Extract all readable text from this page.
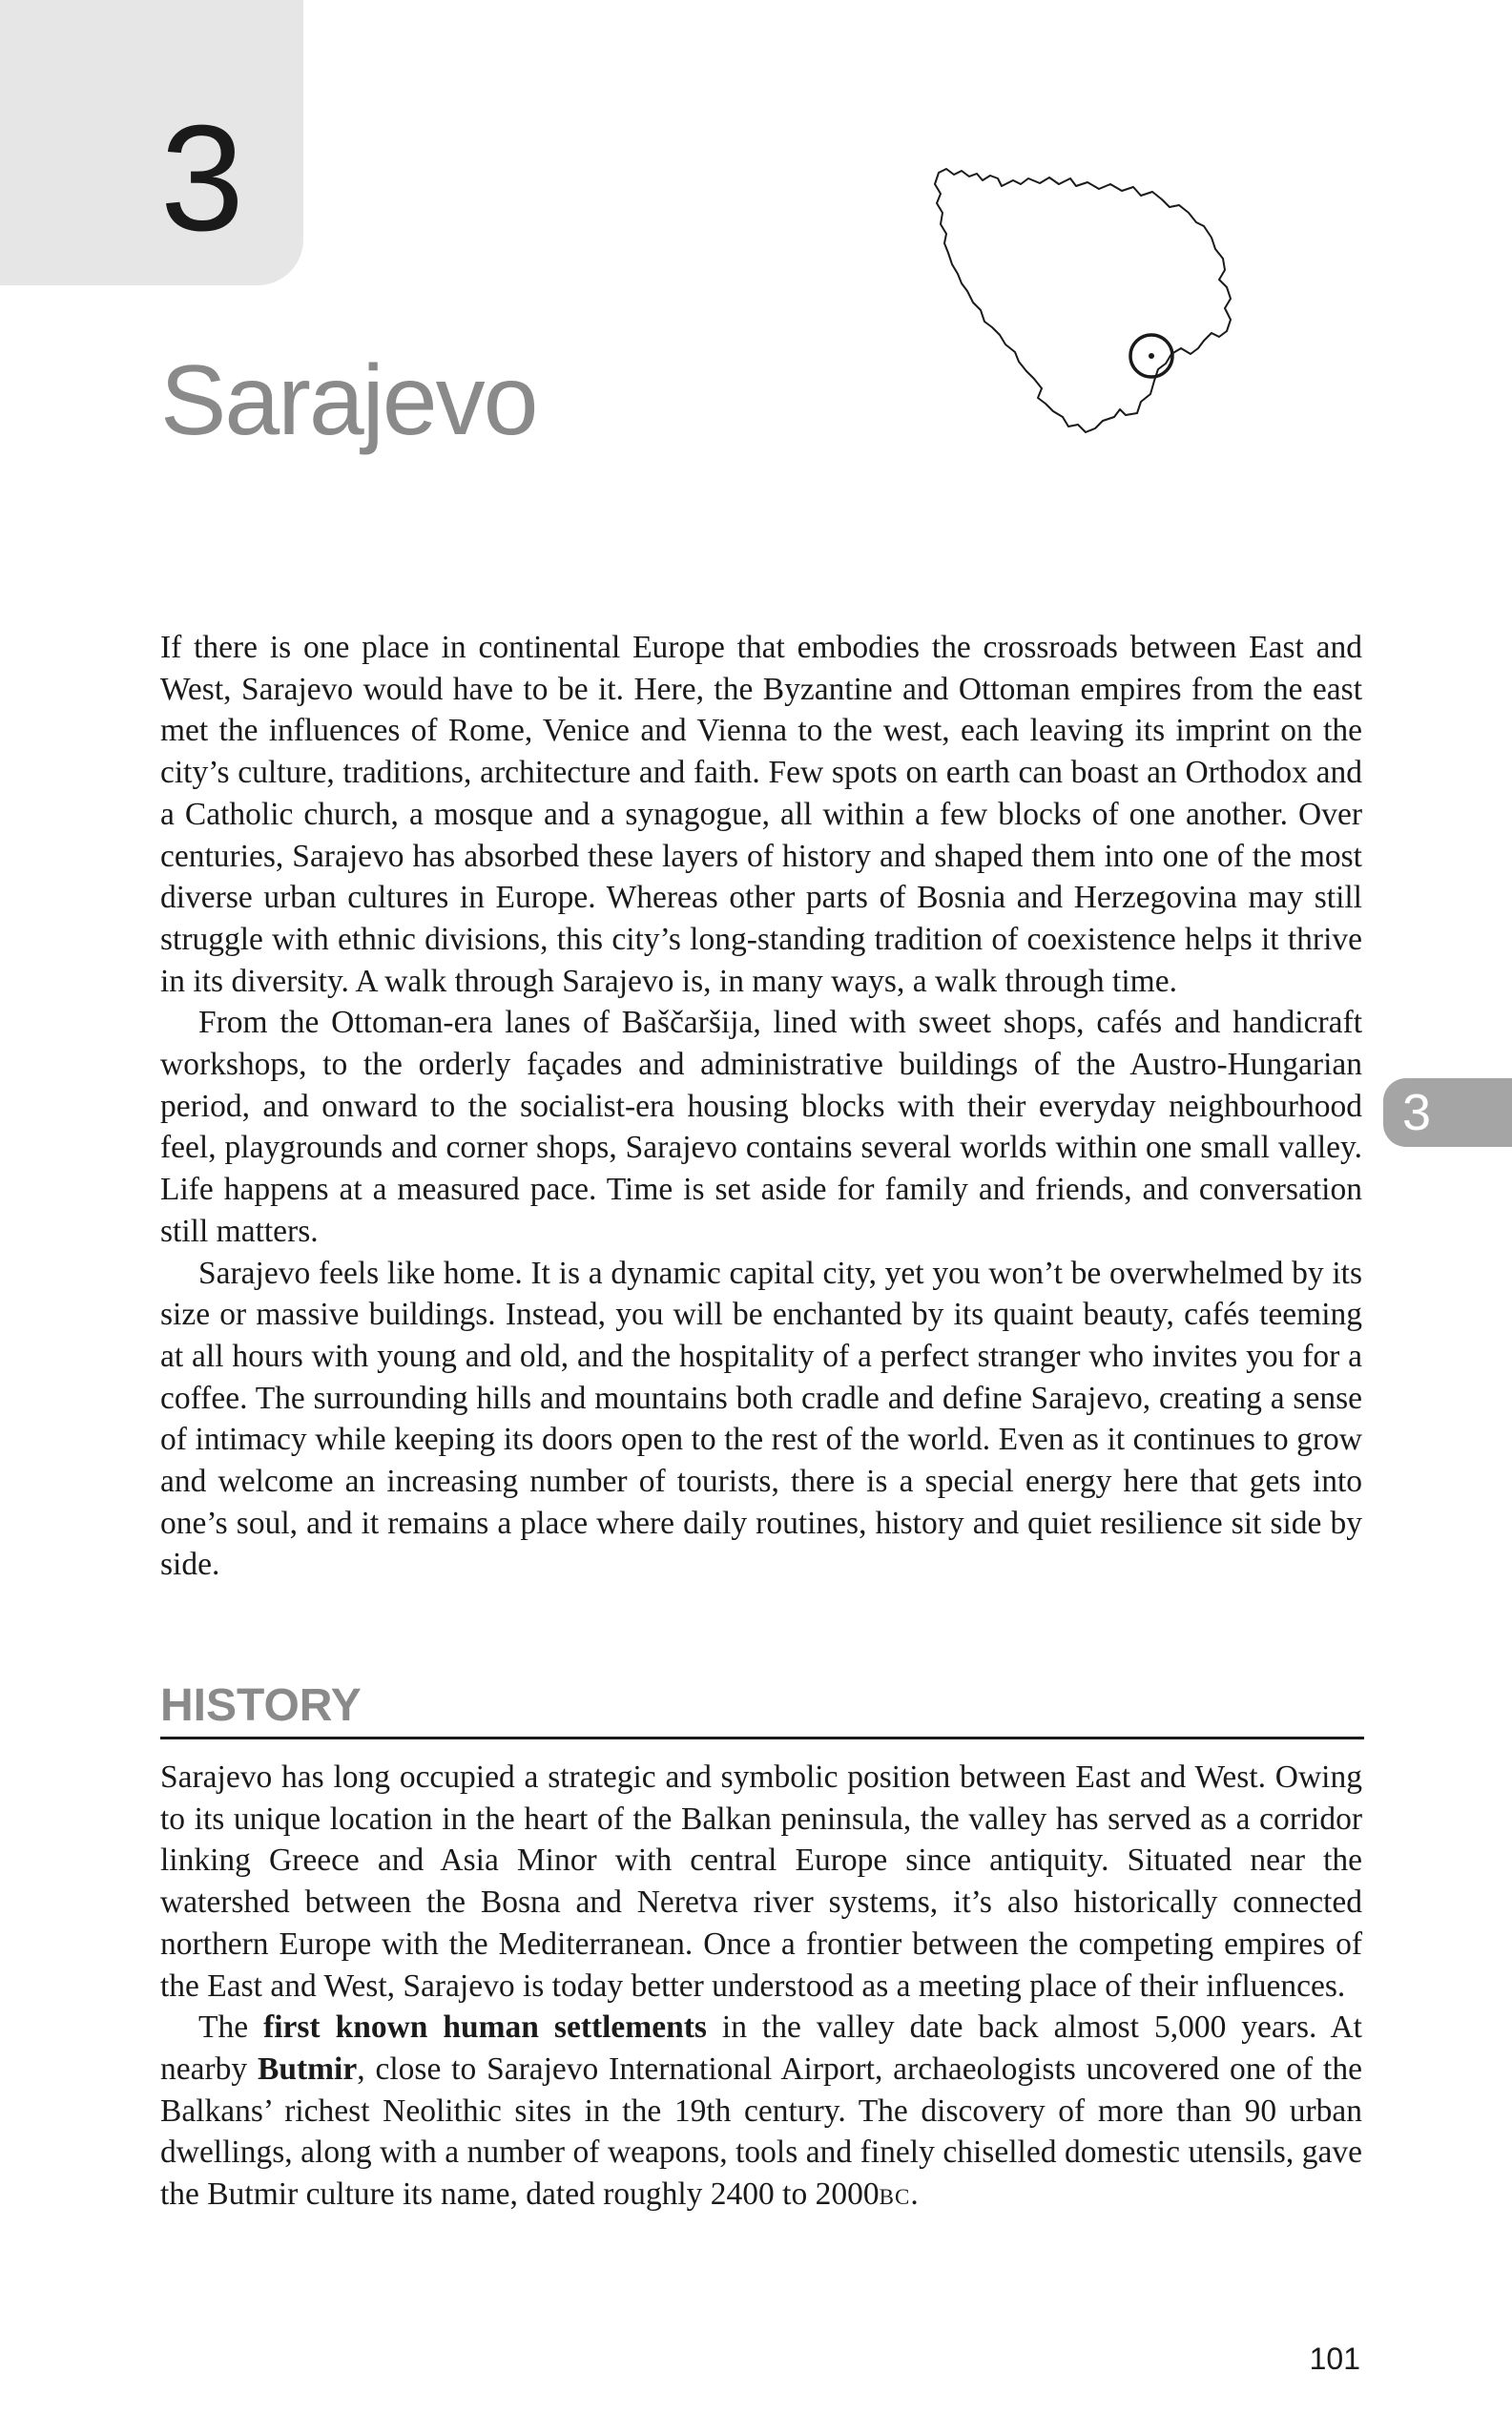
3
Sarajevo
3

If there is one place in continental Europe that embodies the crossroads between East and West, Sarajevo would have to be it. Here, the Byzantine and Ottoman empires from the east met the influences of Rome, Venice and Vienna to the west, each leaving its imprint on the city’s culture, traditions, architecture and faith. Few spots on earth can boast an Orthodox and a Catholic church, a mosque and a synagogue, all within a few blocks of one another. Over centuries, Sarajevo has absorbed these layers of history and shaped them into one of the most diverse urban cultures in Europe. Whereas other parts of Bosnia and Herzegovina may still struggle with ethnic divisions, this city’s long-standing tradition of coexistence helps it thrive in its diversity. A walk through Sarajevo is, in many ways, a walk through time.

From the Ottoman-era lanes of Baščaršija, lined with sweet shops, cafés and handicraft workshops, to the orderly façades and administrative buildings of the Austro-Hungarian period, and onward to the socialist-era housing blocks with their everyday neighbourhood feel, playgrounds and corner shops, Sarajevo contains several worlds within one small valley. Life happens at a measured pace. Time is set aside for family and friends, and conversation still matters.

Sarajevo feels like home. It is a dynamic capital city, yet you won’t be overwhelmed by its size or massive buildings. Instead, you will be enchanted by its quaint beauty, cafés teeming at all hours with young and old, and the hospitality of a perfect stranger who invites you for a coffee. The surrounding hills and mountains both cradle and define Sarajevo, creating a sense of intimacy while keeping its doors open to the rest of the world. Even as it continues to grow and welcome an increasing number of tourists, there is a special energy here that gets into one’s soul, and it remains a place where daily routines, history and quiet resilience sit side by side.

HISTORY

Sarajevo has long occupied a strategic and symbolic position between East and West. Owing to its unique location in the heart of the Balkan peninsula, the valley has served as a corridor linking Greece and Asia Minor with central Europe since antiquity. Situated near the watershed between the Bosna and Neretva river systems, it’s also historically connected northern Europe with the Mediterranean. Once a frontier between the competing empires of the East and West, Sarajevo is today better understood as a meeting place of their influences.

The first known human settlements in the valley date back almost 5,000 years. At nearby Butmir, close to Sarajevo International Airport, archaeologists uncovered one of the Balkans’ richest Neolithic sites in the 19th century. The discovery of more than 90 urban dwellings, along with a number of weapons, tools and finely chiselled domestic utensils, gave the Butmir culture its name, dated roughly 2400 to 2000bc.

101
